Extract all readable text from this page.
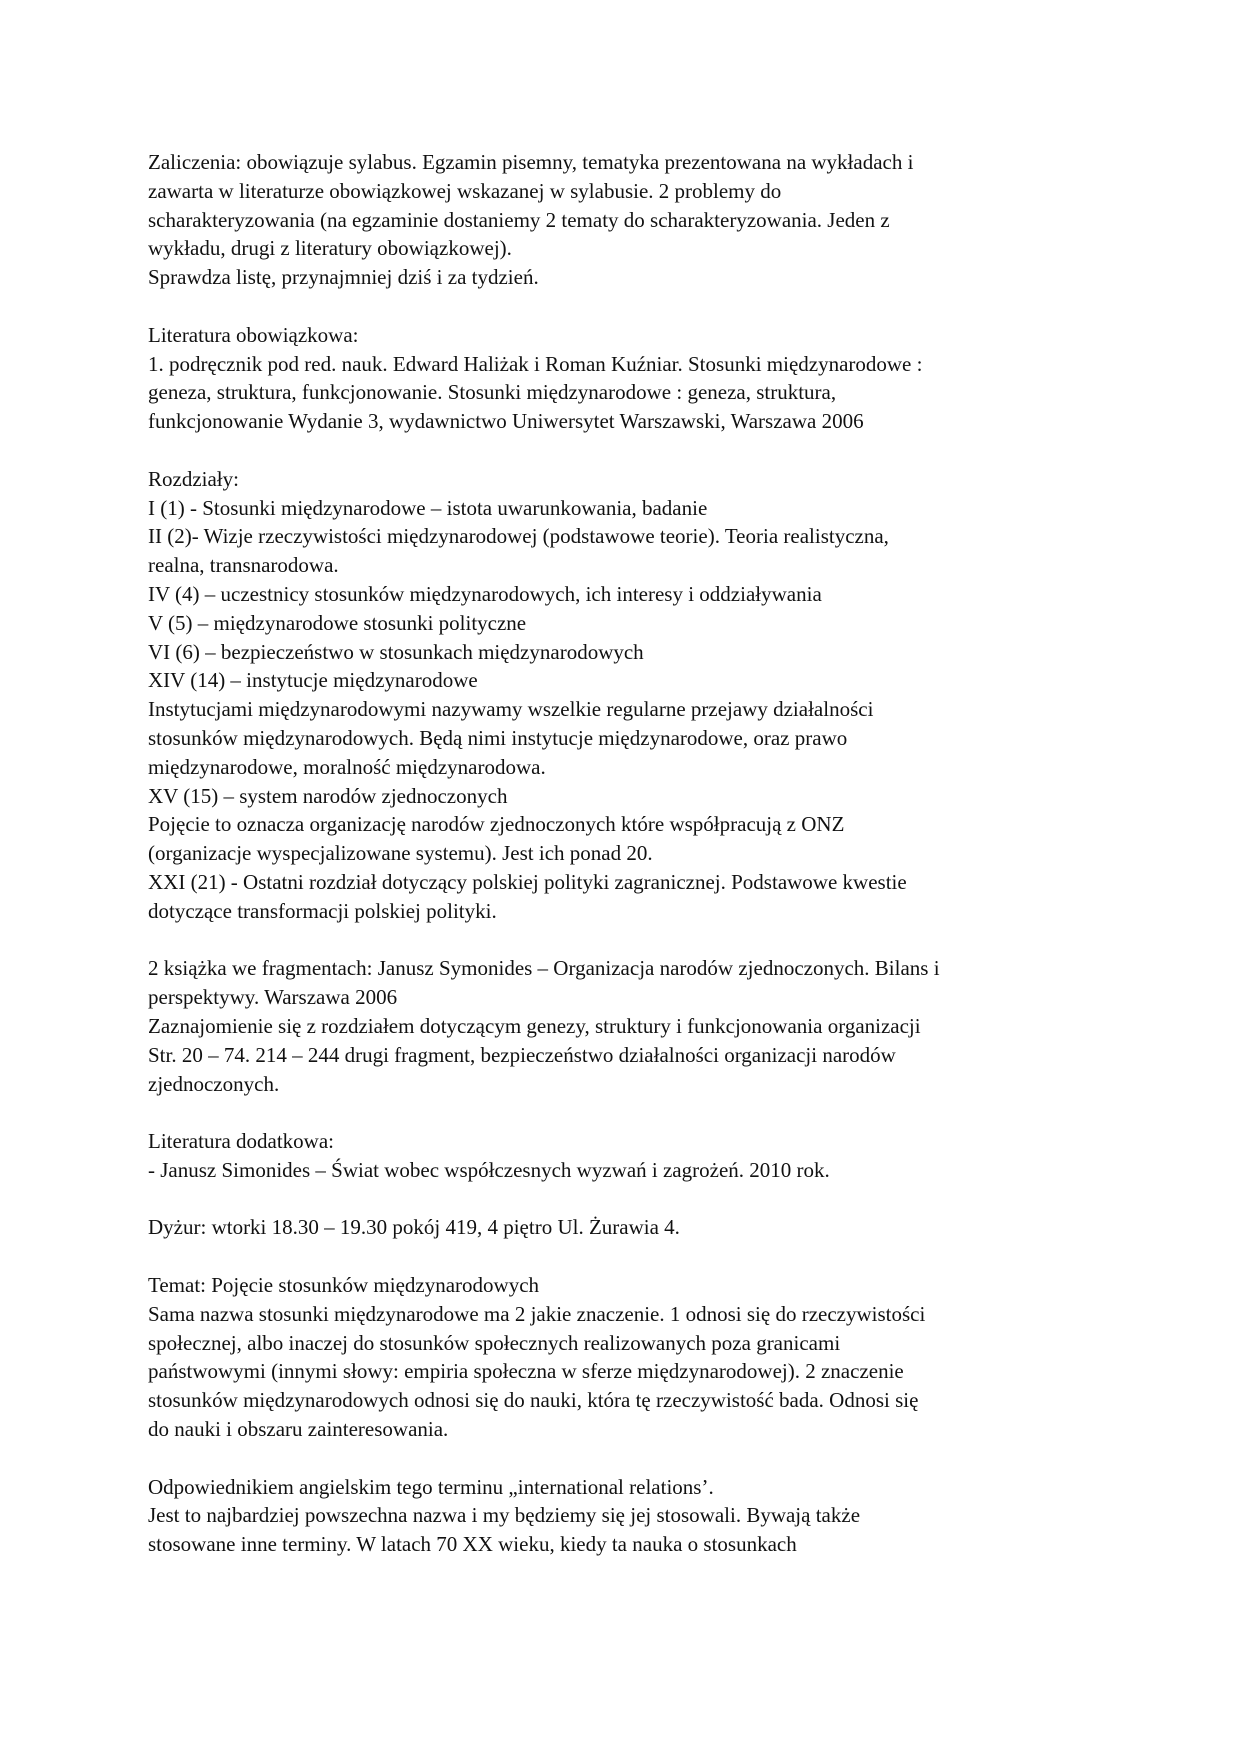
Zaliczenia: obowiązuje sylabus. Egzamin pisemny, tematyka prezentowana na wykładach i
zawarta w literaturze obowiązkowej wskazanej w sylabusie. 2 problemy do
scharakteryzowania (na egzaminie dostaniemy 2 tematy do scharakteryzowania. Jeden z
wykładu, drugi z literatury obowiązkowej).
Sprawdza listę, przynajmniej dziś i za tydzień.
Literatura obowiązkowa:
1. podręcznik pod red. nauk. Edward Haliżak i Roman Kuźniar. Stosunki międzynarodowe :
geneza, struktura, funkcjonowanie. Stosunki międzynarodowe : geneza, struktura,
funkcjonowanie Wydanie 3, wydawnictwo Uniwersytet Warszawski, Warszawa 2006
Rozdziały:
I (1) - Stosunki międzynarodowe – istota uwarunkowania, badanie
II (2)- Wizje rzeczywistości międzynarodowej (podstawowe teorie). Teoria realistyczna,
realna, transnarodowa.
IV (4) – uczestnicy stosunków międzynarodowych, ich interesy i oddziaływania
V (5) – międzynarodowe stosunki polityczne
VI (6) – bezpieczeństwo w stosunkach międzynarodowych
XIV (14) – instytucje międzynarodowe
Instytucjami międzynarodowymi nazywamy wszelkie regularne przejawy działalności
stosunków międzynarodowych. Będą nimi instytucje międzynarodowe, oraz prawo
międzynarodowe, moralność międzynarodowa.
XV (15) – system narodów zjednoczonych
Pojęcie to oznacza organizację narodów zjednoczonych które współpracują z ONZ
(organizacje wyspecjalizowane systemu). Jest ich ponad 20.
XXI (21) - Ostatni rozdział dotyczący polskiej polityki zagranicznej. Podstawowe kwestie
dotyczące transformacji polskiej polityki.
2 książka we fragmentach: Janusz Symonides – Organizacja narodów zjednoczonych. Bilans i
perspektywy. Warszawa 2006
Zaznajomienie się z rozdziałem dotyczącym genezy, struktury i funkcjonowania organizacji
Str. 20 – 74. 214 – 244 drugi fragment, bezpieczeństwo działalności organizacji narodów
zjednoczonych.
Literatura dodatkowa:
- Janusz Simonides – Świat wobec współczesnych wyzwań i zagrożeń. 2010 rok.
Dyżur: wtorki 18.30 – 19.30 pokój 419, 4 piętro Ul. Żurawia 4.
Temat: Pojęcie stosunków międzynarodowych
Sama nazwa stosunki międzynarodowe ma 2 jakie znaczenie. 1 odnosi się do rzeczywistości
społecznej, albo inaczej do stosunków społecznych realizowanych poza granicami
państwowymi (innymi słowy: empiria społeczna w sferze międzynarodowej). 2 znaczenie
stosunków międzynarodowych odnosi się do nauki, która tę rzeczywistość bada. Odnosi się
do nauki i obszaru zainteresowania.
Odpowiednikiem angielskim tego terminu „international relations’.
Jest to najbardziej powszechna nazwa i my będziemy się jej stosowali. Bywają także
stosowane inne terminy. W latach 70 XX wieku, kiedy ta nauka o stosunkach
